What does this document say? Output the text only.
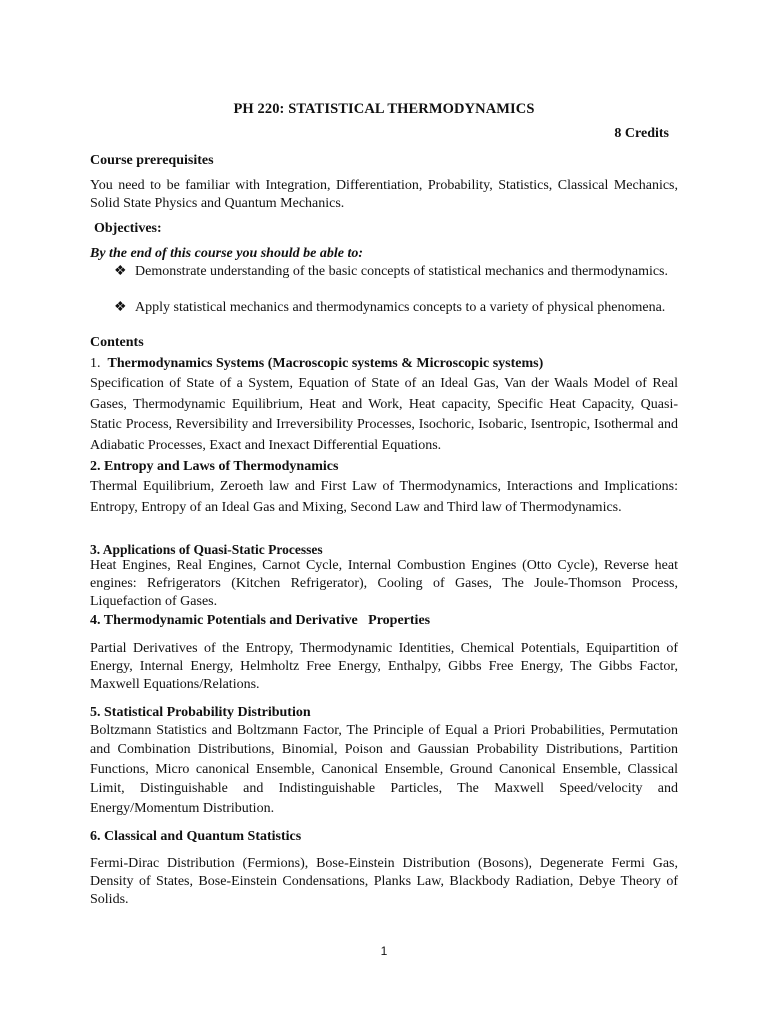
PH 220: STATISTICAL THERMODYNAMICS

8 Credits

Course prerequisites

You need to be familiar with Integration, Differentiation, Probability, Statistics, Classical Mechanics, Solid State Physics and Quantum Mechanics.

Objectives:

By the end of this course you should be able to:

❖ Demonstrate understanding of the basic concepts of statistical mechanics and thermodynamics.
❖ Apply statistical mechanics and thermodynamics concepts to a variety of physical phenomena.

Contents

1. Thermodynamics Systems (Macroscopic systems & Microscopic systems)

Specification of State of a System, Equation of State of an Ideal Gas, Van der Waals Model of Real Gases, Thermodynamic Equilibrium, Heat and Work, Heat capacity, Specific Heat Capacity, Quasi-Static Process, Reversibility and Irreversibility Processes, Isochoric, Isobaric, Isentropic, Isothermal and Adiabatic Processes, Exact and Inexact Differential Equations.

2. Entropy and Laws of Thermodynamics

Thermal Equilibrium, Zeroeth law and First Law of Thermodynamics, Interactions and Implications: Entropy, Entropy of an Ideal Gas and Mixing, Second Law and Third law of Thermodynamics.

3. Applications of Quasi-Static Processes

Heat Engines, Real Engines, Carnot Cycle, Internal Combustion Engines (Otto Cycle), Reverse heat engines: Refrigerators (Kitchen Refrigerator), Cooling of Gases, The Joule-Thomson Process, Liquefaction of Gases.

4. Thermodynamic Potentials and Derivative   Properties

Partial Derivatives of the Entropy, Thermodynamic Identities, Chemical Potentials, Equipartition of Energy, Internal Energy, Helmholtz Free Energy, Enthalpy, Gibbs Free Energy, The Gibbs Factor, Maxwell Equations/Relations.

5. Statistical Probability Distribution

Boltzmann Statistics and Boltzmann Factor, The Principle of Equal a Priori Probabilities, Permutation and Combination Distributions, Binomial, Poison and Gaussian Probability Distributions, Partition Functions, Micro canonical Ensemble, Canonical Ensemble, Ground Canonical Ensemble, Classical Limit, Distinguishable and Indistinguishable Particles, The Maxwell Speed/velocity and Energy/Momentum Distribution.

6. Classical and Quantum Statistics

Fermi-Dirac Distribution (Fermions), Bose-Einstein Distribution (Bosons), Degenerate Fermi Gas, Density of States, Bose-Einstein Condensations, Planks Law, Blackbody Radiation, Debye Theory of Solids.

1
